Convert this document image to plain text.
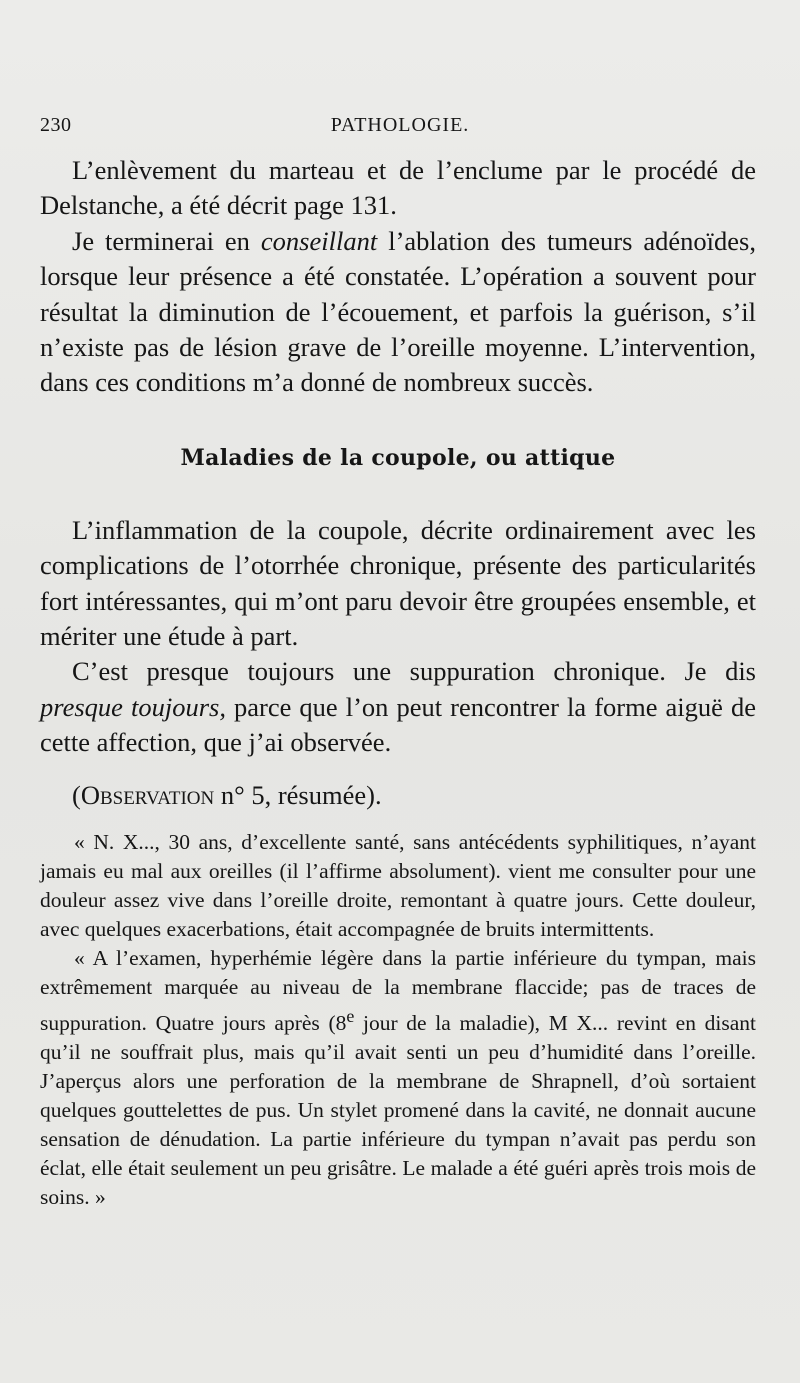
230	PATHOLOGIE.

L’enlèvement du marteau et de l’enclume par le procédé de Delstanche, a été décrit page 131.

Je terminerai en conseillant l’ablation des tumeurs adénoïdes, lorsque leur présence a été constatée. L’opération a souvent pour résultat la diminution de l’écouement, et parfois la guérison, s’il n’existe pas de lésion grave de l’oreille moyenne. L’intervention, dans ces conditions m’a donné de nombreux succès.

Maladies de la coupole, ou attique

L’inflammation de la coupole, décrite ordinairement avec les complications de l’otorrhée chronique, présente des particularités fort intéressantes, qui m’ont paru devoir être groupées ensemble, et mériter une étude à part.

C’est presque toujours une suppuration chronique. Je dis presque toujours, parce que l’on peut rencontrer la forme aiguë de cette affection, que j’ai observée.

(Observation n° 5, résumée).

« N. X..., 30 ans, d’excellente santé, sans antécédents syphilitiques, n’ayant jamais eu mal aux oreilles (il l’affirme absolument). vient me consulter pour une douleur assez vive dans l’oreille droite, remontant à quatre jours. Cette douleur, avec quelques exacerbations, était accompagnée de bruits intermittents.

« A l’examen, hyperhémie légère dans la partie inférieure du tympan, mais extrêmement marquée au niveau de la membrane flaccide; pas de traces de suppuration. Quatre jours après (8e jour de la maladie), M X... revint en disant qu’il ne souffrait plus, mais qu’il avait senti un peu d’humidité dans l’oreille. J’aperçus alors une perforation de la membrane de Shrapnell, d’où sortaient quelques gouttelettes de pus. Un stylet promené dans la cavité, ne donnait aucune sensation de dénudation. La partie inférieure du tympan n’avait pas perdu son éclat, elle était seulement un peu grisâtre. Le malade a été guéri après trois mois de soins. »
